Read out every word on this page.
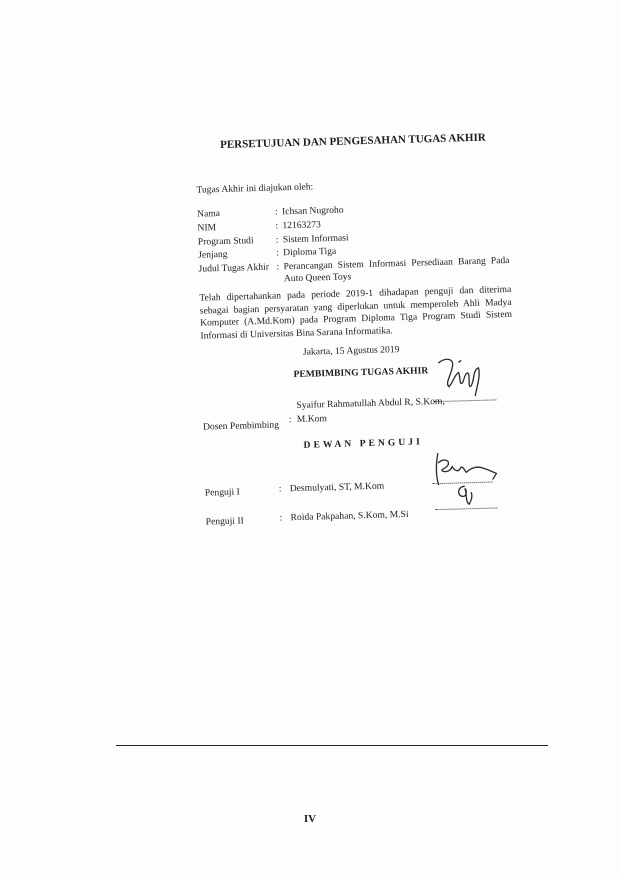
PERSETUJUAN DAN PENGESAHAN TUGAS AKHIR
Tugas Akhir ini diajukan oleh:
Nama	: Ichsan Nugroho
NIM	: 12163273
Program Studi : Sistem Informasi
Jenjang	: Diploma Tiga
Judul Tugas Akhir : Perancangan Sistem Informasi Persediaan Barang Pada Auto Queen Toys
Telah dipertahankan pada periode 2019-1 dihadapan penguji dan diterima sebagai bagian persyaratan yang diperlukan untuk memperoleh Ahli Madya Komputer (A.Md.Kom) pada Program Diploma Tiga Program Studi Sistem Informasi di Universitas Bina Sarana Informatika.
Jakarta, 15 Agustus 2019
PEMBIMBING TUGAS AKHIR
Syaifur Rahmatullah Abdul R, S.Kom,
Dosen Pembimbing : M.Kom
DEWAN PENGUJI
Penguji I	: Desmulyati, ST, M.Kom
Penguji II	: Roida Pakpahan, S.Kom, M.Si
IV
